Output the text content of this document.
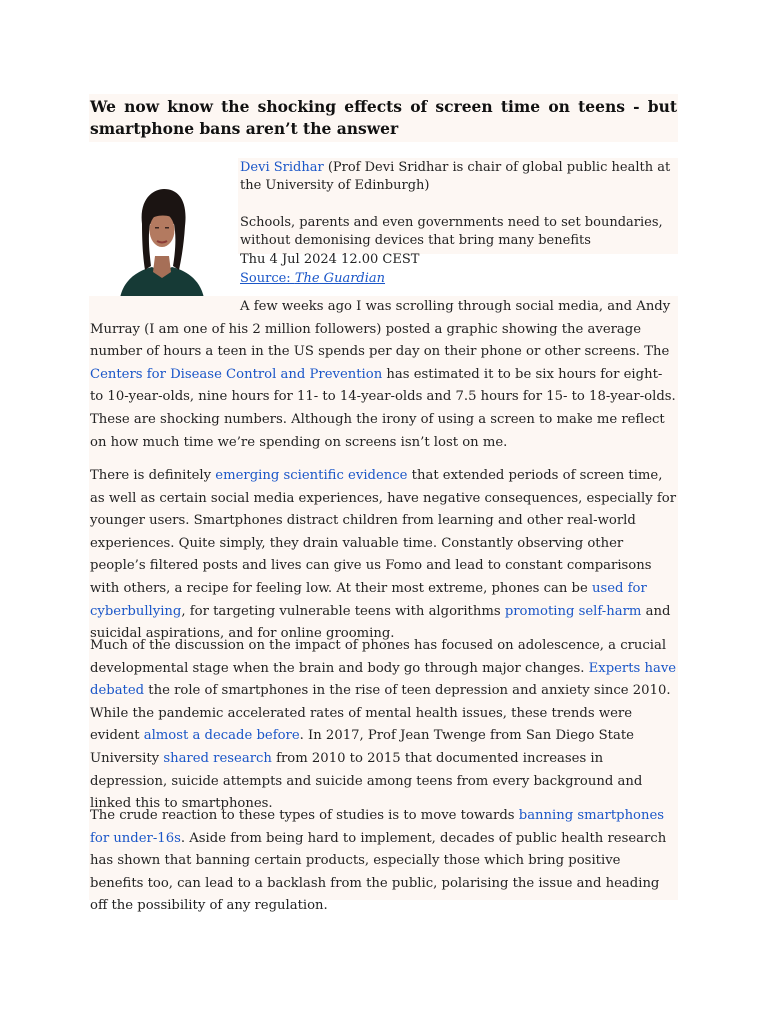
We now know the shocking effects of screen time on teens - but smartphone bans aren’t the answer
Devi Sridhar (Prof Devi Sridhar is chair of global public health at the University of Edinburgh)
Schools, parents and even governments need to set boundaries, without demonising devices that bring many benefits
Thu 4 Jul 2024 12.00 CEST
Source: The Guardian

A few weeks ago I was scrolling through social media, and Andy Murray (I am one of his 2 million followers) posted a graphic showing the average number of hours a teen in the US spends per day on their phone or other screens. The Centers for Disease Control and Prevention has estimated it to be six hours for eight- to 10-year-olds, nine hours for 11- to 14-year-olds and 7.5 hours for 15- to 18-year-olds. These are shocking numbers. Although the irony of using a screen to make me reflect on how much time we’re spending on screens isn’t lost on me.

There is definitely emerging scientific evidence that extended periods of screen time, as well as certain social media experiences, have negative consequences, especially for younger users. Smartphones distract children from learning and other real-world experiences. Quite simply, they drain valuable time. Constantly observing other people’s filtered posts and lives can give us Fomo and lead to constant comparisons with others, a recipe for feeling low. At their most extreme, phones can be used for cyberbullying, for targeting vulnerable teens with algorithms promoting self-harm and suicidal aspirations, and for online grooming.

Much of the discussion on the impact of phones has focused on adolescence, a crucial developmental stage when the brain and body go through major changes. Experts have debated the role of smartphones in the rise of teen depression and anxiety since 2010. While the pandemic accelerated rates of mental health issues, these trends were evident almost a decade before. In 2017, Prof Jean Twenge from San Diego State University shared research from 2010 to 2015 that documented increases in depression, suicide attempts and suicide among teens from every background and linked this to smartphones.

The crude reaction to these types of studies is to move towards banning smartphones for under-16s. Aside from being hard to implement, decades of public health research has shown that banning certain products, especially those which bring positive benefits too, can lead to a backlash from the public, polarising the issue and heading off the possibility of any regulation.
